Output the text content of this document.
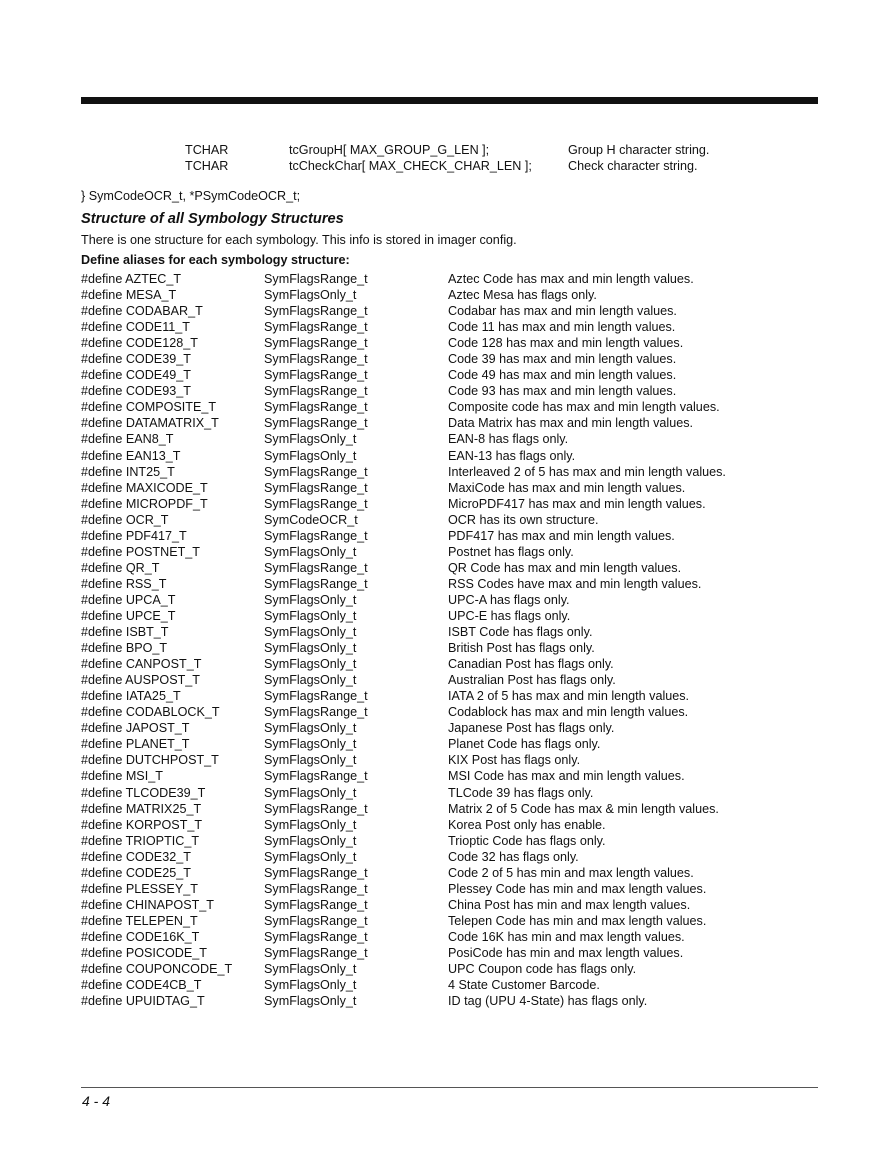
TCHAR	tcGroupH[ MAX_GROUP_G_LEN ];	Group H character string.
TCHAR	tcCheckChar[ MAX_CHECK_CHAR_LEN ];	Check character string.
} SymCodeOCR_t, *PSymCodeOCR_t;
Structure of all Symbology Structures
There is one structure for each symbology. This info is stored in imager config.
Define aliases for each symbology structure:
#define AZTEC_T	SymFlagsRange_t	Aztec Code has max and min length values.
#define MESA_T	SymFlagsOnly_t	Aztec Mesa has flags only.
#define CODABAR_T	SymFlagsRange_t	Codabar has max and min length values.
#define CODE11_T	SymFlagsRange_t	Code 11 has max and min length values.
#define CODE128_T	SymFlagsRange_t	Code 128 has max and min length values.
#define CODE39_T	SymFlagsRange_t	Code 39 has max and min length values.
#define CODE49_T	SymFlagsRange_t	Code 49 has max and min length values.
#define CODE93_T	SymFlagsRange_t	Code 93 has max and min length values.
#define COMPOSITE_T	SymFlagsRange_t	Composite code has max and min length values.
#define DATAMATRIX_T	SymFlagsRange_t	Data Matrix has max and min length values.
#define EAN8_T	SymFlagsOnly_t	EAN-8 has flags only.
#define EAN13_T	SymFlagsOnly_t	EAN-13 has flags only.
#define INT25_T	SymFlagsRange_t	Interleaved 2 of 5 has max and min length values.
#define MAXICODE_T	SymFlagsRange_t	MaxiCode has max and min length values.
#define MICROPDF_T	SymFlagsRange_t	MicroPDF417 has max and min length values.
#define OCR_T	SymCodeOCR_t	OCR has its own structure.
#define PDF417_T	SymFlagsRange_t	PDF417 has max and min length values.
#define POSTNET_T	SymFlagsOnly_t	Postnet has flags only.
#define QR_T	SymFlagsRange_t	QR Code has max and min length values.
#define RSS_T	SymFlagsRange_t	RSS Codes have max and min length values.
#define UPCA_T	SymFlagsOnly_t	UPC-A has flags only.
#define UPCE_T	SymFlagsOnly_t	UPC-E has flags only.
#define ISBT_T	SymFlagsOnly_t	ISBT Code has flags only.
#define BPO_T	SymFlagsOnly_t	British Post has flags only.
#define CANPOST_T	SymFlagsOnly_t	Canadian Post has flags only.
#define AUSPOST_T	SymFlagsOnly_t	Australian Post has flags only.
#define IATA25_T	SymFlagsRange_t	IATA 2 of 5 has max and min length values.
#define CODABLOCK_T	SymFlagsRange_t	Codablock has max and min length values.
#define JAPOST_T	SymFlagsOnly_t	Japanese Post has flags only.
#define PLANET_T	SymFlagsOnly_t	Planet Code has flags only.
#define DUTCHPOST_T	SymFlagsOnly_t	KIX Post has flags only.
#define MSI_T	SymFlagsRange_t	MSI Code has max and min length values.
#define TLCODE39_T	SymFlagsOnly_t	TLCode 39 has flags only.
#define MATRIX25_T	SymFlagsRange_t	Matrix 2 of 5 Code has max & min length values.
#define KORPOST_T	SymFlagsOnly_t	Korea Post only has enable.
#define TRIOPTIC_T	SymFlagsOnly_t	Trioptic Code has flags only.
#define CODE32_T	SymFlagsOnly_t	Code 32 has flags only.
#define CODE25_T	SymFlagsRange_t	Code 2 of 5 has min and max length values.
#define PLESSEY_T	SymFlagsRange_t	Plessey Code has min and max length values.
#define CHINAPOST_T	SymFlagsRange_t	China Post has min and max length values.
#define TELEPEN_T	SymFlagsRange_t	Telepen Code has min and max length values.
#define CODE16K_T	SymFlagsRange_t	Code 16K has min and max length values.
#define POSICODE_T	SymFlagsRange_t	PosiCode has min and max length values.
#define COUPONCODE_T	SymFlagsOnly_t	UPC Coupon code has flags only.
#define CODE4CB_T	SymFlagsOnly_t	4 State Customer Barcode.
#define UPUIDTAG_T	SymFlagsOnly_t	ID tag (UPU 4-State) has flags only.
4 - 4
